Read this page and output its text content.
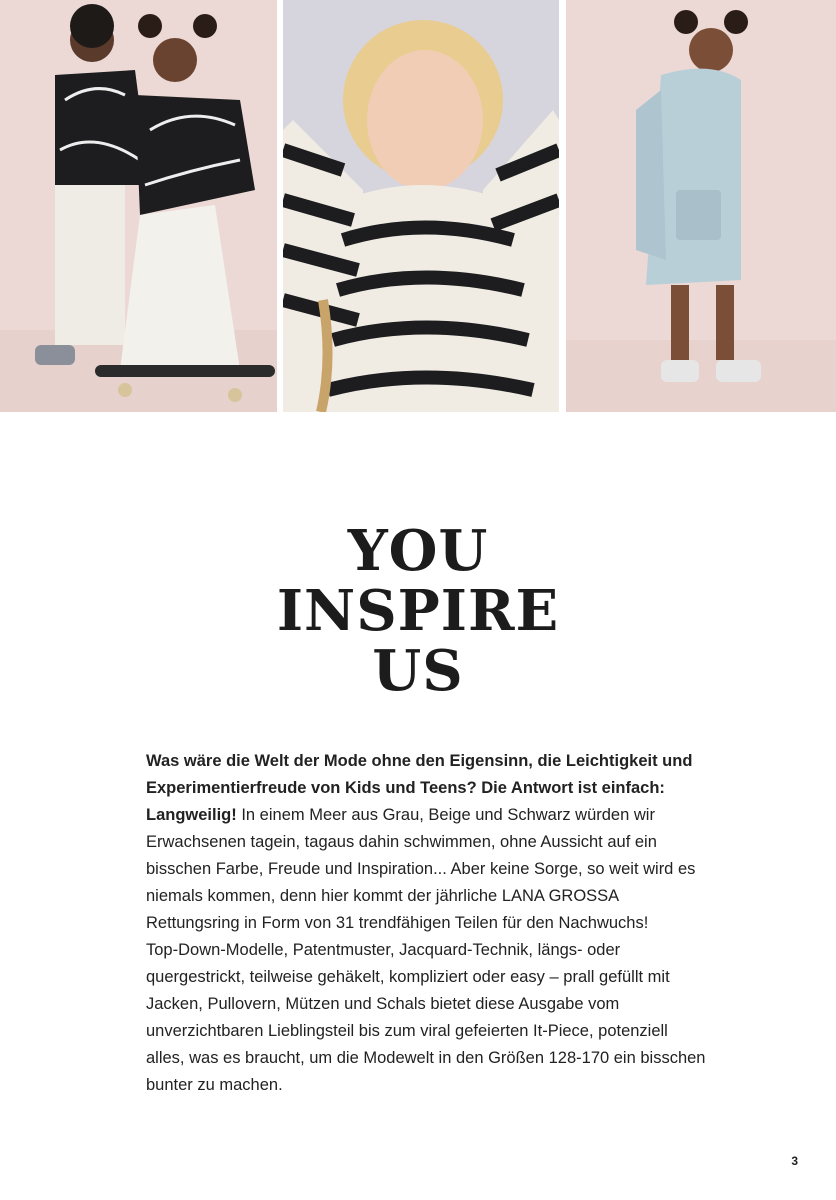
YOU
INSPIRE
US

Was wäre die Welt der Mode ohne den Eigensinn, die Leichtigkeit und Experimentierfreude von Kids und Teens? Die Antwort ist einfach: Langweilig! In einem Meer aus Grau, Beige und Schwarz würden wir Erwachsenen tagein, tagaus dahin schwimmen, ohne Aussicht auf ein bisschen Farbe, Freude und Inspiration... Aber keine Sorge, so weit wird es niemals kommen, denn hier kommt der jährliche LANA GROSSA Rettungsring in Form von 31 trendfähigen Teilen für den Nachwuchs!

Top-Down-Modelle, Patentmuster, Jacquard-Technik, längs- oder quergestrickt, teilweise gehäkelt, kompliziert oder easy – prall gefüllt mit Jacken, Pullovern, Mützen und Schals bietet diese Ausgabe vom unverzichtbaren Lieblingsteil bis zum viral gefeierten It-Piece, potenziell alles, was es braucht, um die Modewelt in den Größen 128-170 ein bisschen bunter zu machen.

3
